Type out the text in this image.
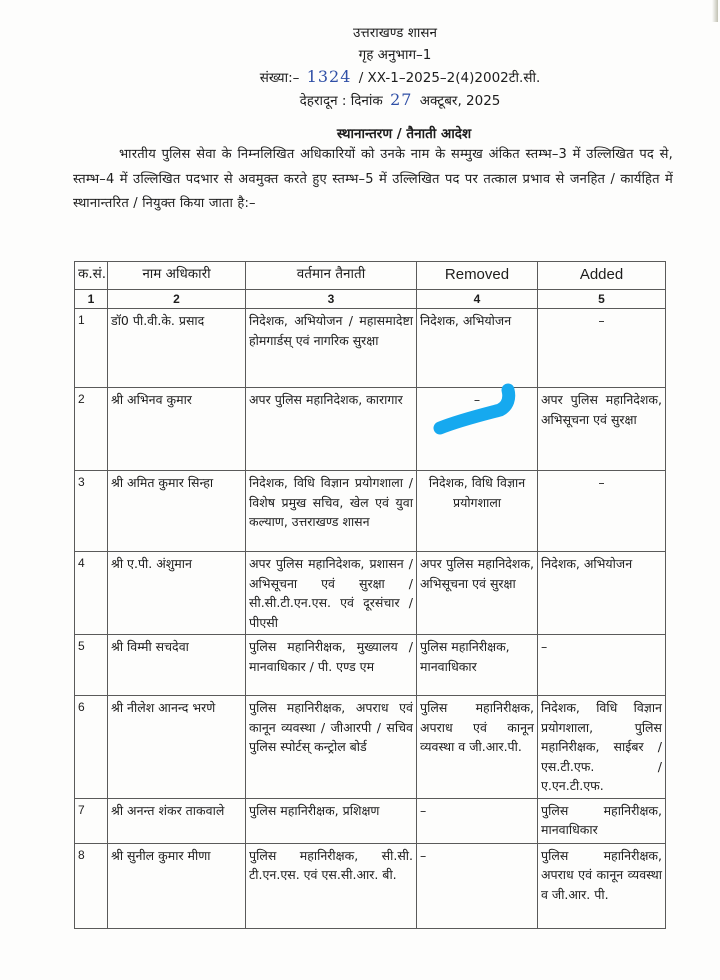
उत्तराखण्ड शासन
गृह अनुभाग–1
संख्या:– 1324 / XX-1–2025–2(4)2002टी.सी.
देहरादून : दिनांक 27 अक्टूबर, 2025
स्थानान्तरण / तैनाती आदेश
भारतीय पुलिस सेवा के निम्नलिखित अधिकारियों को उनके नाम के सम्मुख अंकित स्तम्भ–3 में उल्लिखित पद से, स्तम्भ–4 में उल्लिखित पदभार से अवमुक्त करते हुए स्तम्भ–5 में उल्लिखित पद पर तत्काल प्रभाव से जनहित / कार्यहित में स्थानान्तरित / नियुक्त किया जाता है:–
क.सं.	नाम अधिकारी	वर्तमान तैनाती	Removed	Added
1	2	3	4	5
1	डॉ0 पी.वी.के. प्रसाद	निदेशक, अभियोजन / महासमादेष्टा होमगार्डस् एवं नागरिक सुरक्षा	निदेशक, अभियोजन	–
2	श्री अभिनव कुमार	अपर पुलिस महानिदेशक, कारागार	–	अपर पुलिस महानिदेशक, अभिसूचना एवं सुरक्षा
3	श्री अमित कुमार सिन्हा	निदेशक, विधि विज्ञान प्रयोगशाला / विशेष प्रमुख सचिव, खेल एवं युवा कल्याण, उत्तराखण्ड शासन	निदेशक, विधि विज्ञान प्रयोगशाला	–
4	श्री ए.पी. अंशुमान	अपर पुलिस महानिदेशक, प्रशासन / अभिसूचना एवं सुरक्षा / सी.सी.टी.एन.एस. एवं दूरसंचार / पीएसी	अपर पुलिस महानिदेशक, अभिसूचना एवं सुरक्षा	निदेशक, अभियोजन
5	श्री विम्मी सचदेवा	पुलिस महानिरीक्षक, मुख्यालय / मानवाधिकार / पी. एण्ड एम	पुलिस महानिरीक्षक, मानवाधिकार	–
6	श्री नीलेश आनन्द भरणे	पुलिस महानिरीक्षक, अपराध एवं कानून व्यवस्था / जीआरपी / सचिव पुलिस स्पोर्टस् कन्ट्रोल बोर्ड	पुलिस महानिरीक्षक, अपराध एवं कानून व्यवस्था व जी.आर.पी.	निदेशक, विधि विज्ञान प्रयोगशाला, पुलिस महानिरीक्षक, साईबर / एस.टी.एफ. / ए.एन.टी.एफ.
7	श्री अनन्त शंकर ताकवाले	पुलिस महानिरीक्षक, प्रशिक्षण	–	पुलिस महानिरीक्षक, मानवाधिकार
8	श्री सुनील कुमार मीणा	पुलिस महानिरीक्षक, सी.सी. टी.एन.एस. एवं एस.सी.आर. बी.	–	पुलिस महानिरीक्षक, अपराध एवं कानून व्यवस्था व जी.आर. पी.
